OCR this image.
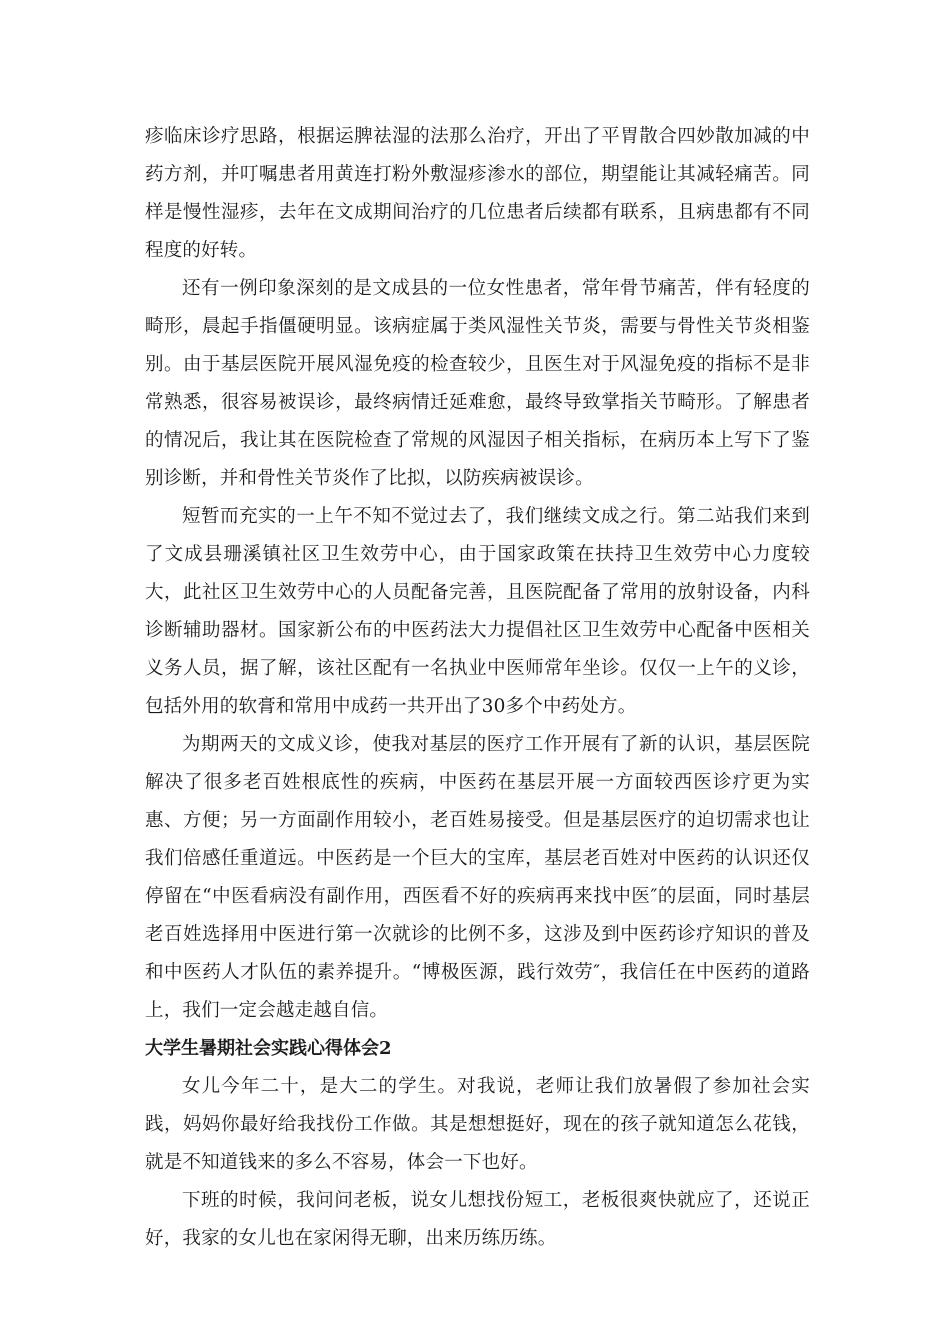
疹临床诊疗思路，根据运脾祛湿的法那么治疗，开出了平胃散合四妙散加减的中药方剂，并叮嘱患者用黄连打粉外敷湿疹渗水的部位，期望能让其减轻痛苦。同样是慢性湿疹，去年在文成期间治疗的几位患者后续都有联系，且病患都有不同程度的好转。

还有一例印象深刻的是文成县的一位女性患者，常年骨节痛苦，伴有轻度的畸形，晨起手指僵硬明显。该病症属于类风湿性关节炎，需要与骨性关节炎相鉴别。由于基层医院开展风湿免疫的检查较少，且医生对于风湿免疫的指标不是非常熟悉，很容易被误诊，最终病情迁延难愈，最终导致掌指关节畸形。了解患者的情况后，我让其在医院检查了常规的风湿因子相关指标，在病历本上写下了鉴别诊断，并和骨性关节炎作了比拟，以防疾病被误诊。

短暂而充实的一上午不知不觉过去了，我们继续文成之行。第二站我们来到了文成县珊溪镇社区卫生效劳中心，由于国家政策在扶持卫生效劳中心力度较大，此社区卫生效劳中心的人员配备完善，且医院配备了常用的放射设备，内科诊断辅助器材。国家新公布的中医药法大力提倡社区卫生效劳中心配备中医相关义务人员，据了解，该社区配有一名执业中医师常年坐诊。仅仅一上午的义诊，包括外用的软膏和常用中成药一共开出了30多个中药处方。

为期两天的文成义诊，使我对基层的医疗工作开展有了新的认识，基层医院解决了很多老百姓根底性的疾病，中医药在基层开展一方面较西医诊疗更为实惠、方便；另一方面副作用较小，老百姓易接受。但是基层医疗的迫切需求也让我们倍感任重道远。中医药是一个巨大的宝库，基层老百姓对中医药的认识还仅停留在“中医看病没有副作用，西医看不好的疾病再来找中医″的层面，同时基层老百姓选择用中医进行第一次就诊的比例不多，这涉及到中医药诊疗知识的普及和中医药人才队伍的素养提升。“博极医源，践行效劳″，我信任在中医药的道路上，我们一定会越走越自信。

大学生暑期社会实践心得体会2

女儿今年二十，是大二的学生。对我说，老师让我们放暑假了参加社会实践，妈妈你最好给我找份工作做。其是想想挺好，现在的孩子就知道怎么花钱，就是不知道钱来的多么不容易，体会一下也好。

下班的时候，我问问老板，说女儿想找份短工，老板很爽快就应了，还说正好，我家的女儿也在家闲得无聊，出来历练历练。
